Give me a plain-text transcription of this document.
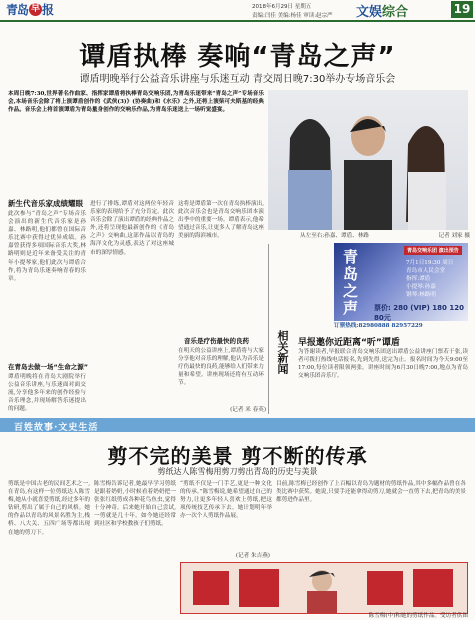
青岛 早 报	2018年6月29日 星期五
责编:闫佳 美编:杨佳 审读:赵宗严 文娱综合	19
谭盾执棒 奏响“青岛之声”
谭盾明晚举行公益音乐讲座与乐迷互动 青交周日晚7:30举办专场音乐会
本周日晚7:30,世界著名作曲家、指挥家谭盾将执棒青岛交响乐团,为青岛乐迷带来“青岛之声”专场音乐会,本场音乐会除了将上演谭盾创作的《武侠(3)》(协奏曲)和《水乐》之外,还将上演柴可夫斯基的经典作品。音乐会上将首演谭盾为青岛量身创作的交响乐作品,为青岛乐迷送上一场听觉盛宴。
新生代音乐家成绩耀眼
此次参与“青岛之声”专场音乐会演出的新生代音乐家是孙嘉、林路明,他们都曾在国际音乐比赛中获得过优异成绩。孙嘉曾获得多项国际音乐大奖,林路明则是近年来备受关注的青年小提琴家,他们此次与谭盾合作,将为青岛乐迷奏响青春的乐章。
在青岛去做一场“生命之源”
谭盾明晚将在青岛大剧院举行公益音乐讲座,与乐迷面对面交流,分享他多年来的创作经验与音乐理念,并现场解答乐迷提出的问题。
进行了排练,谭盾对这两位年轻音乐家的表现给予了充分肯定。此次音乐会除了演出谭盾的经典作品之外,还将呈现他最新创作的《青岛之声》交响曲,这部作品以青岛的海洋文化为灵感,表达了对这座城市的深厚情感。
这将是谭盾第一次在青岛执棒演出,此次音乐会也是青岛交响乐团本演出季中的重要一场。谭盾表示,他希望通过音乐,让更多人了解青岛这座美丽的海滨城市。
音乐是疗伤最快的良药
在明天的公益讲座上,谭盾将与大家分享他对音乐的理解,他认为音乐是疗伤最快的良药,能够给人们带来力量和希望。讲座现场还将有互动环节。
(记者 米 春英)
从左至右:孙嘉、谭盾、林路	记者 刘家 摄
青岛交响乐团 演出预告
青岛之声	7月1日19:30 周日
青岛市人民会堂
指挥:谭盾
小提琴:孙嘉
钢琴:林路明
票价: 280 (VIP) 180 120 80元
订票热线:82980888 82957229
相关新闻 早报邀你近距离“听”谭盾
为答谢读者,早报联合青岛交响乐团送出谭盾公益讲座门票若干张,读者可拨打热线电话报名,先到先得,送完为止。报名时间为今天9:00至17:00,每位读者限领两张。讲座时间为6月30日晚7:00,地点为青岛交响乐团音乐厅。
百姓故事·文史生活
剪不完的美景 剪不断的传承
剪纸达人陈雪梅用剪刀剪出青岛的历史与美景
剪纸是中国古老的民间艺术之一,在青岛,有这样一位剪纸达人陈雪梅,她从小就喜爱剪纸,经过多年的钻研,剪出了属于自己的风格。她的作品以青岛的风景名胜为主,栈桥、八大关、五四广场等都出现在她的剪刀下。
陈雪梅告诉记者,她最早学习剪纸是跟着奶奶,小时候看着奶奶把一张张红纸剪成各种花鸟鱼虫,觉得十分神奇。后来她开始自己尝试,一剪就是几十年。如今她还经常到社区和学校教孩子们剪纸。
“剪纸不仅是一门手艺,更是一种文化的传承。”陈雪梅说,她希望通过自己的努力,让更多年轻人喜欢上剪纸,把这项传统技艺传承下去。她计划明年举办一次个人剪纸作品展。
目前,陈雪梅已经创作了上百幅以青岛为题材的剪纸作品,其中多幅作品曾在各类比赛中获奖。她说,只要手还能拿得动剪刀,她就会一直剪下去,把青岛的美景都剪进作品里。
(记者 朱吉燕)
陈雪梅(中)和她的剪纸作品。受访者供图
